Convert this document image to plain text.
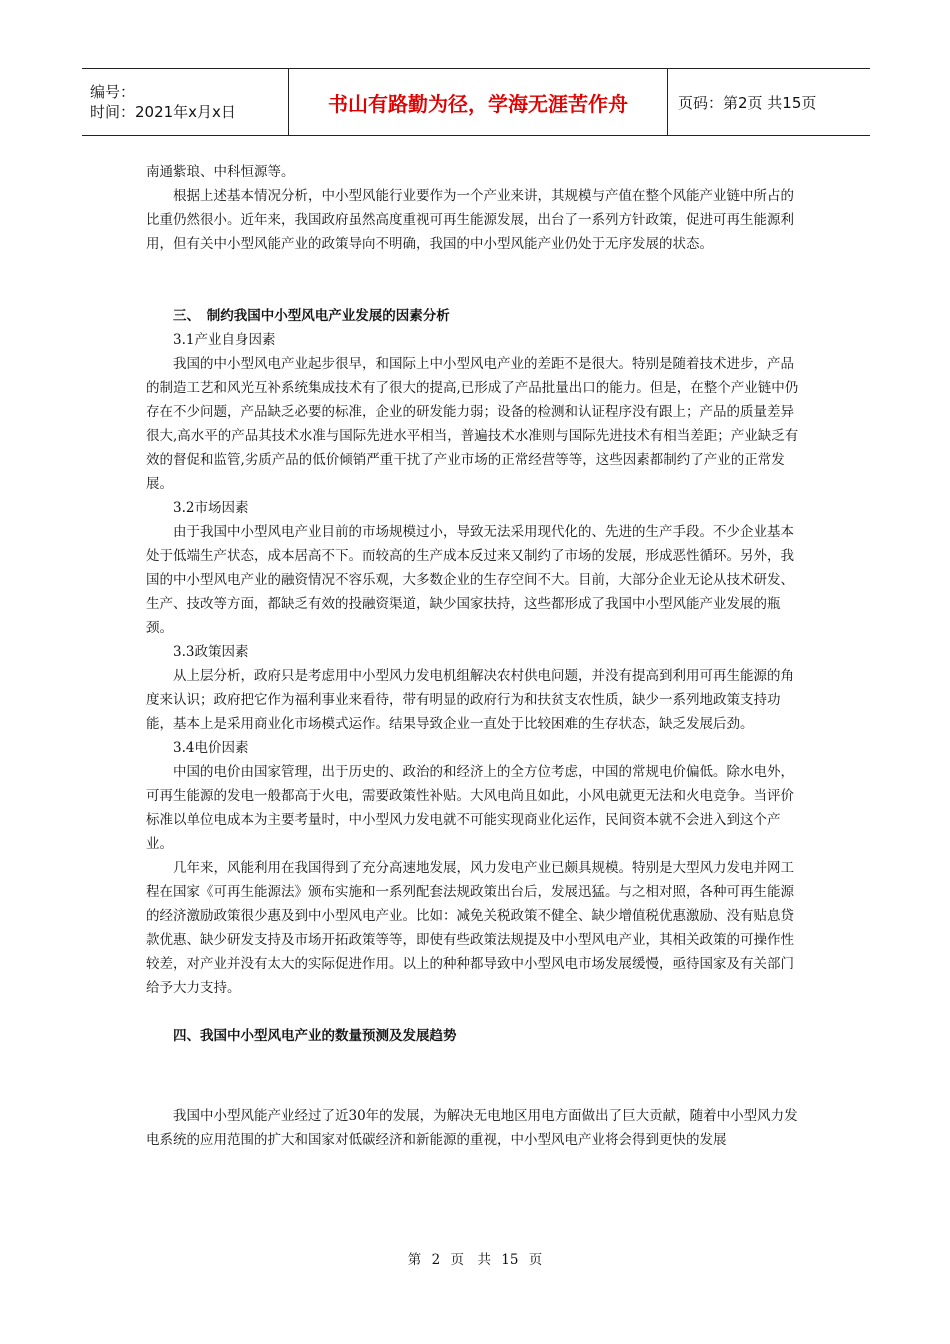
编号：
时间：2021年x月x日	书山有路勤为径，学海无涯苦作舟	页码：第2页 共15页

南通紫琅、中科恒源等。

根据上述基本情况分析，中小型风能行业要作为一个产业来讲，其规模与产值在整个风能产业链中所占的比重仍然很小。近年来，我国政府虽然高度重视可再生能源发展，出台了一系列方针政策，促进可再生能源利用，但有关中小型风能产业的政策导向不明确，我国的中小型风能产业仍处于无序发展的状态。

三、　制约我国中小型风电产业发展的因素分析

3.1产业自身因素

我国的中小型风电产业起步很早，和国际上中小型风电产业的差距不是很大。特别是随着技术进步，产品的制造工艺和风光互补系统集成技术有了很大的提高,已形成了产品批量出口的能力。但是，在整个产业链中仍存在不少问题，产品缺乏必要的标准，企业的研发能力弱；设备的检测和认证程序没有跟上；产品的质量差异很大,高水平的产品其技术水准与国际先进水平相当，普遍技术水准则与国际先进技术有相当差距；产业缺乏有效的督促和监管,劣质产品的低价倾销严重干扰了产业市场的正常经营等等，这些因素都制约了产业的正常发展。

3.2市场因素

由于我国中小型风电产业目前的市场规模过小，导致无法采用现代化的、先进的生产手段。不少企业基本处于低端生产状态，成本居高不下。而较高的生产成本反过来又制约了市场的发展，形成恶性循环。另外，我国的中小型风电产业的融资情况不容乐观，大多数企业的生存空间不大。目前，大部分企业无论从技术研发、生产、技改等方面，都缺乏有效的投融资渠道，缺少国家扶持，这些都形成了我国中小型风能产业发展的瓶颈。

3.3政策因素

从上层分析，政府只是考虑用中小型风力发电机组解决农村供电问题，并没有提高到利用可再生能源的角度来认识；政府把它作为福利事业来看待，带有明显的政府行为和扶贫支农性质，缺少一系列地政策支持功能，基本上是采用商业化市场模式运作。结果导致企业一直处于比较困难的生存状态，缺乏发展后劲。

3.4电价因素

中国的电价由国家管理，出于历史的、政治的和经济上的全方位考虑，中国的常规电价偏低。除水电外，可再生能源的发电一般都高于火电，需要政策性补贴。大风电尚且如此，小风电就更无法和火电竞争。当评价标准以单位电成本为主要考量时，中小型风力发电就不可能实现商业化运作，民间资本就不会进入到这个产业。

几年来，风能利用在我国得到了充分高速地发展，风力发电产业已颇具规模。特别是大型风力发电并网工程在国家《可再生能源法》颁布实施和一系列配套法规政策出台后，发展迅猛。与之相对照，各种可再生能源的经济激励政策很少惠及到中小型风电产业。比如：减免关税政策不健全、缺少增值税优惠激励、没有贴息贷款优惠、缺少研发支持及市场开拓政策等等，即使有些政策法规提及中小型风电产业，其相关政策的可操作性较差，对产业并没有太大的实际促进作用。以上的种种都导致中小型风电市场发展缓慢，亟待国家及有关部门给予大力支持。

四、我国中小型风电产业的数量预测及发展趋势

我国中小型风能产业经过了近30年的发展，为解决无电地区用电方面做出了巨大贡献，随着中小型风力发电系统的应用范围的扩大和国家对低碳经济和新能源的重视，中小型风电产业将会得到更快的发展

第 2 页　共 15 页
